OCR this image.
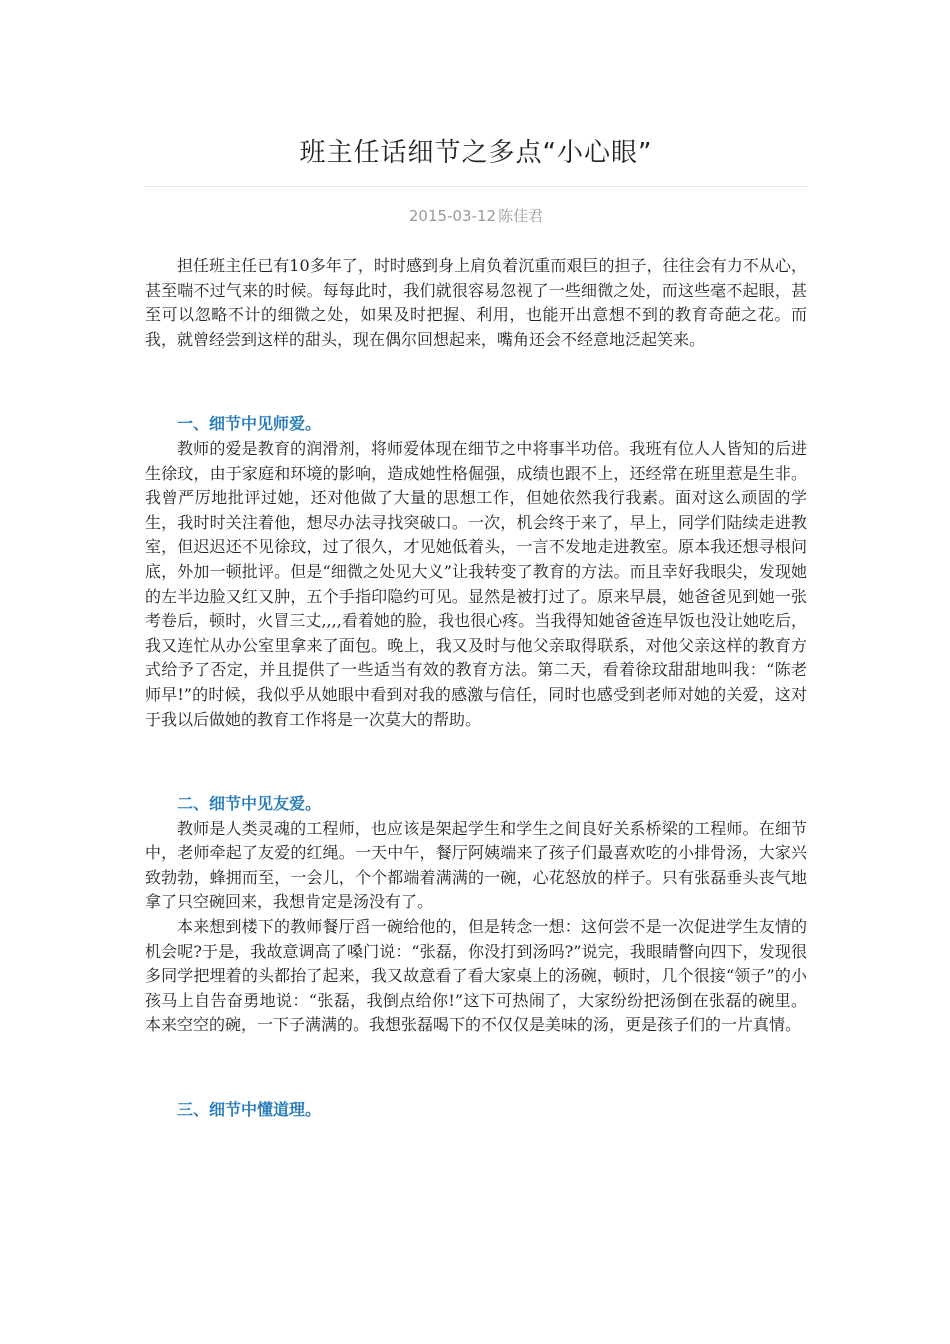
班主任话细节之多点“小心眼”
2015-03-12 陈佳君

担任班主任已有10多年了，时时感到身上肩负着沉重而艰巨的担子，往往会有力不从心，甚至喘不过气来的时候。每每此时，我们就很容易忽视了一些细微之处，而这些毫不起眼，甚至可以忽略不计的细微之处，如果及时把握、利用，也能开出意想不到的教育奇葩之花。而我，就曾经尝到这样的甜头，现在偶尔回想起来，嘴角还会不经意地泛起笑来。

一、细节中见师爱。

教师的爱是教育的润滑剂，将师爱体现在细节之中将事半功倍。我班有位人人皆知的后进生徐玟，由于家庭和环境的影响，造成她性格倔强，成绩也跟不上，还经常在班里惹是生非。我曾严厉地批评过她，还对他做了大量的思想工作，但她依然我行我素。面对这么顽固的学生，我时时关注着他，想尽办法寻找突破口。一次，机会终于来了，早上，同学们陆续走进教室，但迟迟还不见徐玟，过了很久，才见她低着头，一言不发地走进教室。原本我还想寻根问底，外加一顿批评。但是“细微之处见大义”让我转变了教育的方法。而且幸好我眼尖，发现她的左半边脸又红又肿，五个手指印隐约可见。显然是被打过了。原来早晨，她爸爸见到她一张考卷后，顿时，火冒三丈,,,,看着她的脸，我也很心疼。当我得知她爸爸连早饭也没让她吃后，我又连忙从办公室里拿来了面包。晚上，我又及时与他父亲取得联系，对他父亲这样的教育方式给予了否定，并且提供了一些适当有效的教育方法。第二天，看着徐玟甜甜地叫我：“陈老师早!”的时候，我似乎从她眼中看到对我的感激与信任，同时也感受到老师对她的关爱，这对于我以后做她的教育工作将是一次莫大的帮助。

二、细节中见友爱。

教师是人类灵魂的工程师，也应该是架起学生和学生之间良好关系桥梁的工程师。在细节中，老师牵起了友爱的红绳。一天中午，餐厅阿姨端来了孩子们最喜欢吃的小排骨汤，大家兴致勃勃，蜂拥而至，一会儿，个个都端着满满的一碗，心花怒放的样子。只有张磊垂头丧气地拿了只空碗回来，我想肯定是汤没有了。

本来想到楼下的教师餐厅舀一碗给他的，但是转念一想：这何尝不是一次促进学生友情的机会呢?于是，我故意调高了嗓门说：“张磊，你没打到汤吗?”说完，我眼睛瞥向四下，发现很多同学把埋着的头都抬了起来，我又故意看了看大家桌上的汤碗，顿时，几个很接“领子”的小孩马上自告奋勇地说：“张磊，我倒点给你!”这下可热闹了，大家纷纷把汤倒在张磊的碗里。本来空空的碗，一下子满满的。我想张磊喝下的不仅仅是美味的汤，更是孩子们的一片真情。

三、细节中懂道理。
